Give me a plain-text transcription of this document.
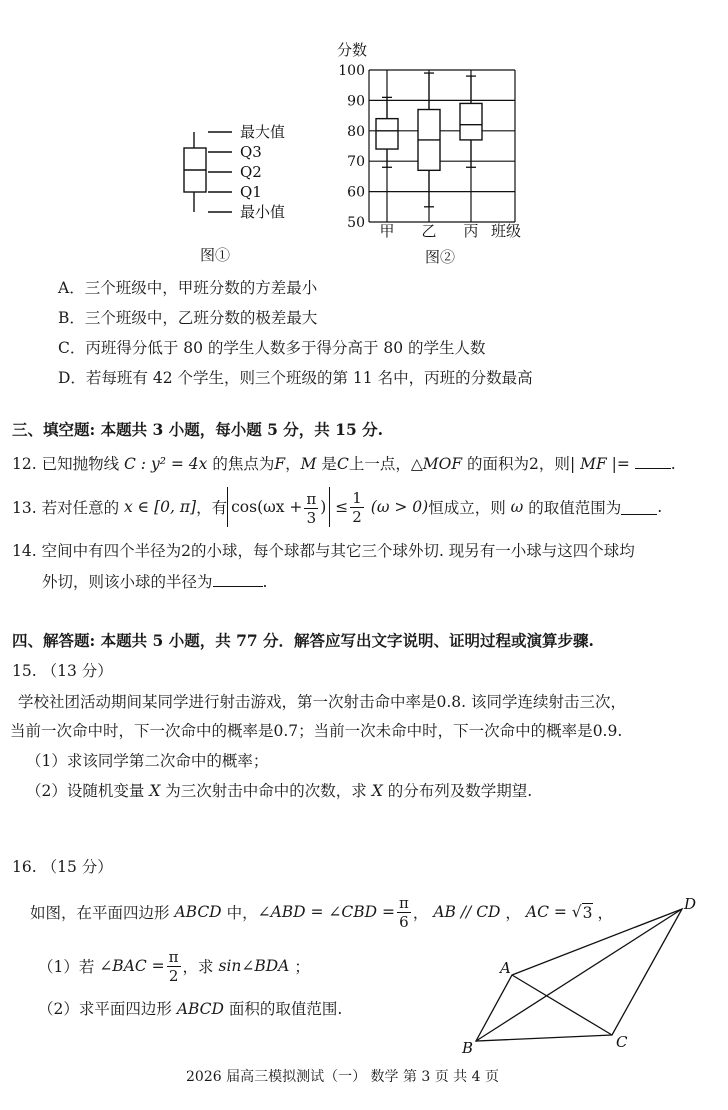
最大值
Q3
Q2
Q1
最小值
图①
分数
班级
图②
50
60
70
80
90
100
甲 乙 丙
A．三个班级中，甲班分数的方差最小
B．三个班级中，乙班分数的极差最大
C．丙班得分低于 80 的学生人数多于得分高于 80 的学生人数
D．若每班有 42 个学生，则三个班级的第 11 名中，丙班的分数最高
三、填空题: 本题共 3 小题，每小题 5 分，共 15 分.
12. 已知抛物线 C : y² = 4x 的焦点为F，M 是C上一点，△MOF 的面积为2，则| MF |=	.
13. 若对任意的
x ∈ [0, π] ，有 $\cos(\omega x + \frac{\pi}{3}$ )
≤ $\frac{1}{2}$
(ω > 0) 恒成立，则
ω
的取值范围为 .
14. 空间中有四个半径为2的小球，每个球都与其它三个球外切. 现另有一小球与这四个球均
外切，则该小球的半径为	.
四、解答题: 本题共 5 小题，共 77 分．解答应写出文字说明、证明过程或演算步骤.
15. （13 分）
学校社团活动期间某同学进行射击游戏，第一次射击命中率是0.8. 该同学连续射击三次，
当前一次命中时，下一次命中的概率是0.7；当前一次未命中时，下一次命中的概率是0.9.
（1）求该同学第二次命中的概率；
（2）设随机变量 X 为三次射击中命中的次数，求 X 的分布列及数学期望.
16. （15 分）
如图，在平面四边形
ABCD
中， ∠ABD = ∠CBD = $\frac{\pi}{6}$ ，
AB // CD
，
AC = √ 3
，
（1）若
∠BAC = $\frac{\pi}{2}$ ，求
sin∠BDA
；
（2）求平面四边形 ABCD 面积的取值范围.
A
B	C
D
2026 届高三模拟测试（一） 数学 第 3 页 共 4 页
